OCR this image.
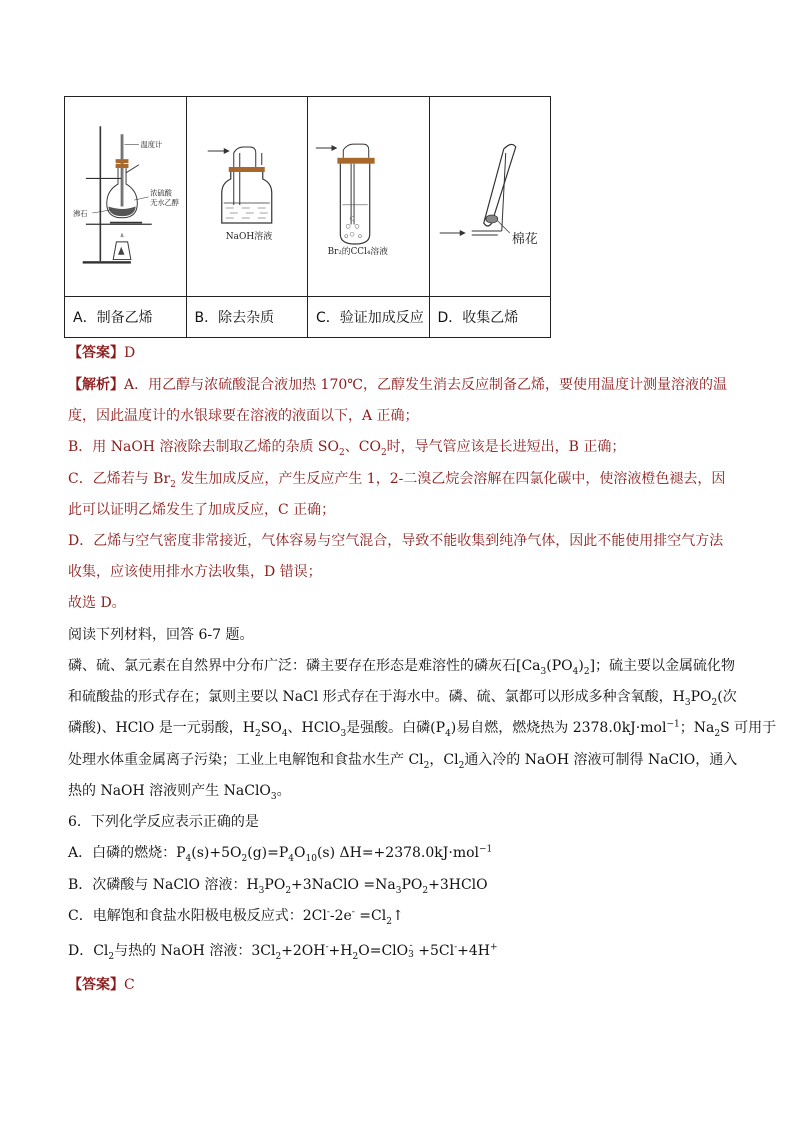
温度计
浓硫酸
无水乙醇
沸石	NaOH溶液	Br₂的CCl₄溶液	棉花

A．制备乙烯	B．除去杂质	C．验证加成反应	D．收集乙烯
【答案】D
【解析】A．用乙醇与浓硫酸混合液加热 170℃，乙醇发生消去反应制备乙烯，要使用温度计测量溶液的温
度，因此温度计的水银球要在溶液的液面以下，A 正确；
B．用 NaOH 溶液除去制取乙烯的杂质 $SO_2$、$CO_2$时，导气管应该是长进短出，B 正确；
C．乙烯若与 $Br_2$ 发生加成反应，产生反应产生 1，2-二溴乙烷会溶解在四氯化碳中，使溶液橙色褪去，因
此可以证明乙烯发生了加成反应，C 正确；
D．乙烯与空气密度非常接近，气体容易与空气混合，导致不能收集到纯净气体，因此不能使用排空气方法
收集，应该使用排水方法收集，D 错误；
故选 D。
阅读下列材料，回答 6-7 题。
磷、硫、氯元素在自然界中分布广泛：磷主要存在形态是难溶性的磷灰石$[Ca_3(PO_4)_2]$；硫主要以金属硫化物
和硫酸盐的形式存在；氯则主要以 NaCl 形式存在于海水中。磷、硫、氯都可以形成多种含氧酸，$H_3PO_2$(次
磷酸)、HClO 是一元弱酸，$H_2SO_4$、HClO$_3$是强酸。白磷$(P_4)$易自燃，燃烧热为 2378.0kJ·mol$^{-1}$；$Na_2S$ 可用于
处理水体重金属离子污染；工业上电解饱和食盐水生产 $Cl_2$，$Cl_2$通入冷的 NaOH 溶液可制得 NaClO，通入
热的 NaOH 溶液则产生 NaClO$_3$。
6．下列化学反应表示正确的是
A．白磷的燃烧：$P_4(s)+5O_2(g)=P_4O_{10}(s)$ ΔH=+2378.0kJ·mol$^{-1}$
B．次磷酸与 NaClO 溶液：$H_3PO_2+3NaClO$ $=Na_3PO_2+3HClO$
C．电解饱和食盐水阳极电极反应式：$2Cl^--2e^- =Cl_2↑$
D．$Cl_2$与热的 NaOH 溶液：$3Cl_2+2OH^-+H_2O=ClO$ -
3 +5Cl-+4H+
【答案】C
